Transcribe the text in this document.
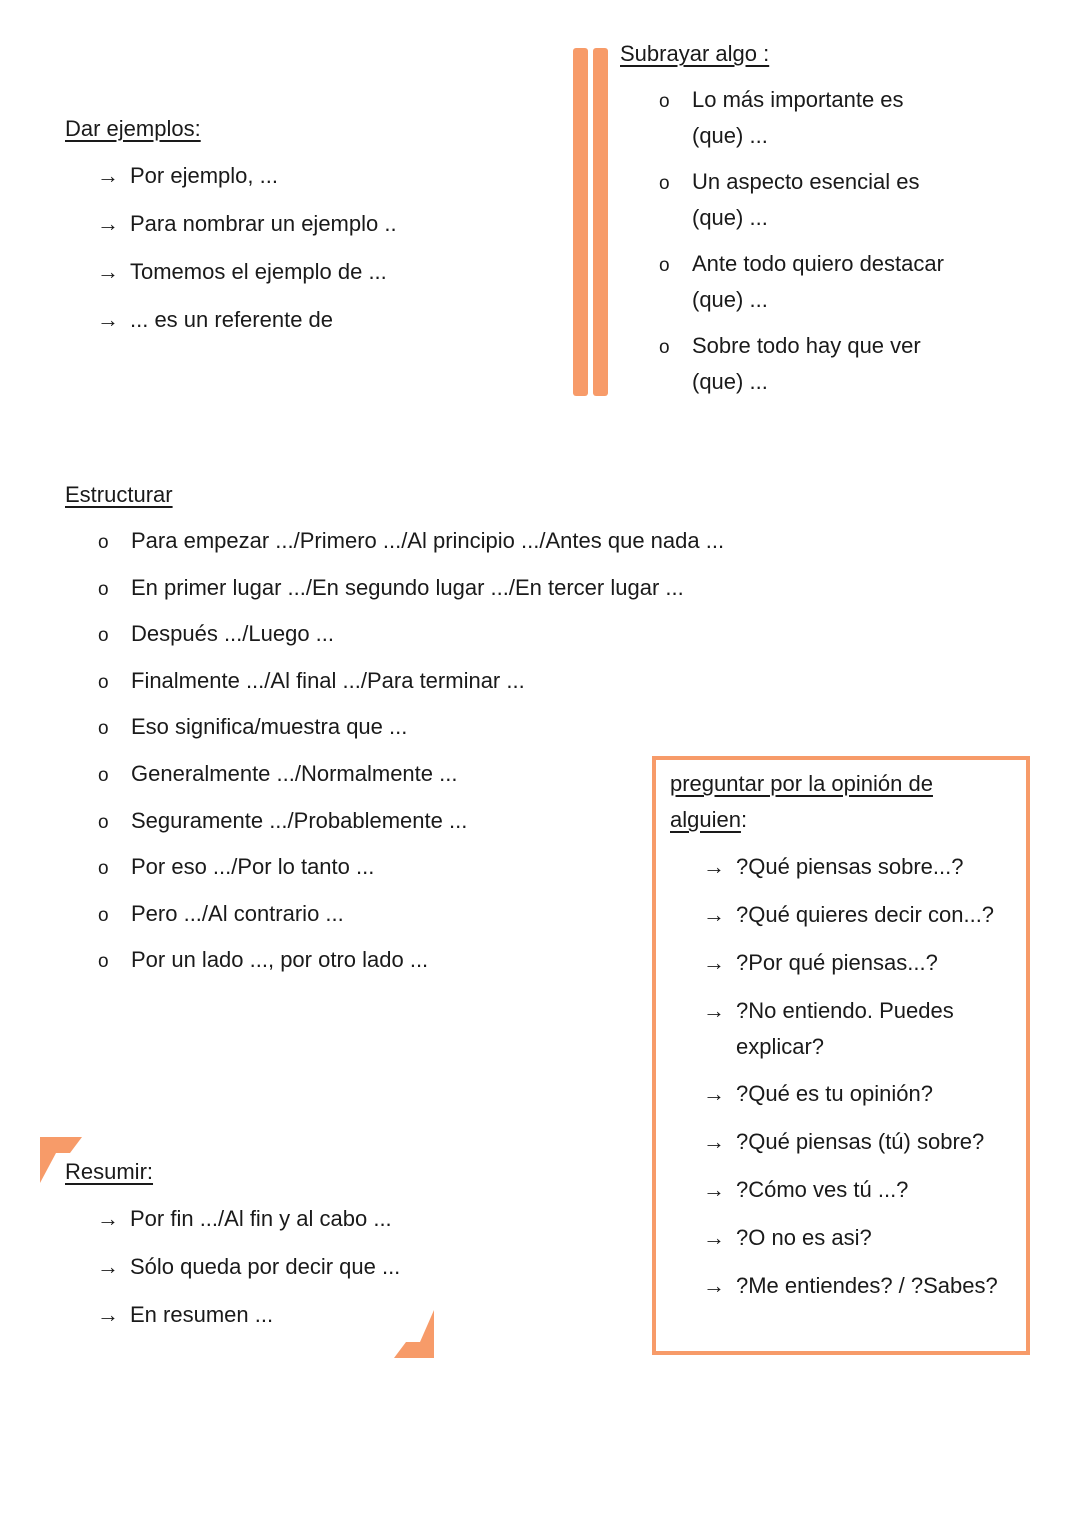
Dar ejemplos:
→ Por ejemplo, ...
→ Para nombrar un ejemplo ..
→ Tomemos el ejemplo de ...
→ ... es un referente de
Subrayar algo :
o Lo más importante es
(que) ...
o Un aspecto esencial es
(que) ...
o Ante todo quiero destacar
(que) ...
o Sobre todo hay que ver
(que) ...
Estructurar
o Para empezar .../Primero .../Al principio .../Antes que nada ...
o En primer lugar .../En segundo lugar .../En tercer lugar ...
o Después .../Luego ...
o Finalmente .../Al final .../Para terminar ...
o Eso significa/muestra que ...
o Generalmente .../Normalmente ...
o Seguramente .../Probablemente ...
o Por eso .../Por lo tanto ...
o Pero .../Al contrario ...
o Por un lado ..., por otro lado ...
preguntar por la opinión de
alguien:
→ ?Qué piensas sobre...?
→ ?Qué quieres decir con...?
→ ?Por qué piensas...?
→ ?No entiendo. Puedes
explicar?
→ ?Qué es tu opinión?
→ ?Qué piensas (tú) sobre?
→ ?Cómo ves tú ...?
→ ?O no es asi?
→ ?Me entiendes? / ?Sabes?
Resumir:
→ Por fin .../Al fin y al cabo ...
→ Sólo queda por decir que ...
→ En resumen ...
